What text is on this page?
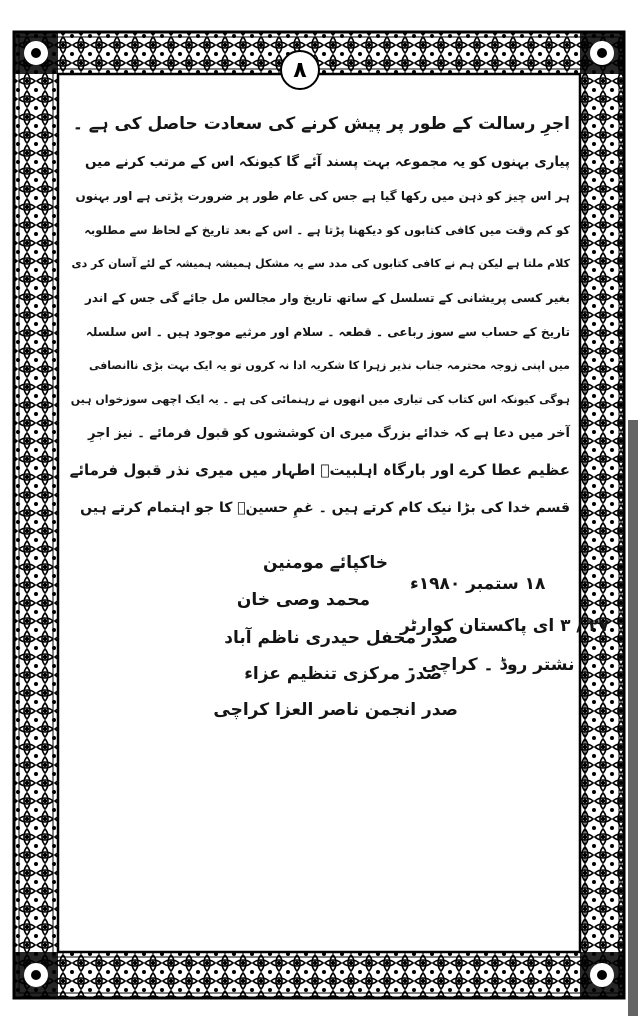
٨
اجرِ رسالت کے طور پر پیش کرنے کی سعادت حاصل کی ہے ۔
پیاری بہنوں کو یہ مجموعہ بہت پسند آئے گا کیونکہ اس کے مرتب کرنے میں
ہر اس چیز کو ذہن میں رکھا گیا ہے جس کی عام طور پر ضرورت پڑتی ہے اور بہنوں
کو کم وقت میں کافی کتابوں کو دیکھنا پڑتا ہے ۔ اس کے بعد تاریخ کے لحاظ سے مطلوبہ
کلام ملتا ہے لیکن ہم نے کافی کتابوں کی مدد سے یہ مشکل ہمیشہ ہمیشہ کے لئے آسان کر دی
بغیر کسی پریشانی کے تسلسل کے ساتھ تاریخ وار مجالس مل جائے گی جس کے اندر
تاریخ کے حساب سے سوز رباعی ۔ قطعہ ۔ سلام اور مرثیے موجود ہیں ۔ اس سلسلہ
میں اپنی زوجہ محترمہ جناب نذیر زہرا کا شکریہ ادا نہ کروں تو یہ ایک بہت بڑی ناانصافی
ہوگی کیونکہ اس کتاب کی تیاری میں انھوں نے رہنمائی کی ہے ۔ یہ ایک اچھی سوزخواں ہیں
آخر میں دعا ہے کہ خدائے بزرگ میری ان کوششوں کو قبول فرمائے ۔ نیز اجرِ
عظیم عطا کرے اور بارگاہ اہلبیتؑ اطہار میں میری نذر قبول فرمائے
قسم خدا کی بڑا نیک کام کرتے ہیں ۔ غمِ حسینؑ کا جو اہتمام کرتے ہیں
خاکپائے مومنین
محمد وصی خان
صدر محفل حیدری ناظم آباد
صدر مرکزی تنظیم عزاء
صدر انجمن ناصر العزا کراچی
١٨ ستمبر ١٩٨٠ء
٢٧ / ٣ ای پاکستان کوارٹر
نشتر روڈ ۔ کراچی ۔
